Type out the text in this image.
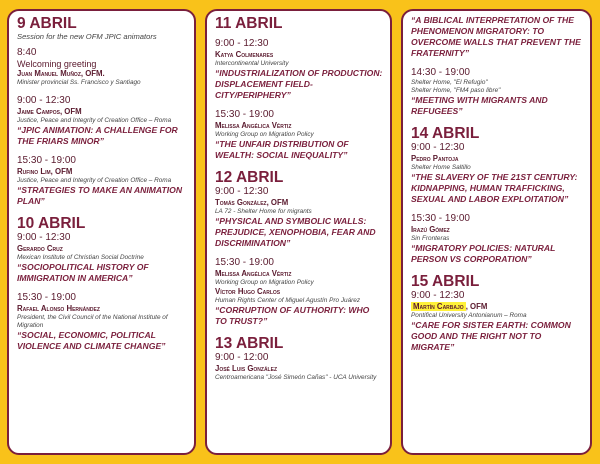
9 ABRIL
Session for the new OFM JPIC animators
8:40
Welcoming greeting
Juan Manuel Muñoz, OFM.
Minister provincial Ss. Francisco y Santiago
9:00 - 12:30
Jaime Campos, OFM
Justice, Peace and Integrity of Creation Office – Roma
“JPIC ANIMATION: A CHALLENGE FOR THE FRIARS MINOR”
15:30 - 19:00
Rufino Lim, OFM
Justice, Peace and Integrity of Creation Office – Roma
“STRATEGIES TO MAKE AN ANIMATION PLAN”
10 ABRIL
9:00 - 12:30
Gerardo Cruz
Mexican Institute of Christian Social Doctrine
“SOCIOPOLITICAL HISTORY OF IMMIGRATION IN AMERICA”
15:30 - 19:00
Rafael Alonso Hernández
President, the Civil Council of the National Institute of Migration
“SOCIAL, ECONOMIC, POLITICAL VIOLENCE AND CLIMATE CHANGE”
11 ABRIL
9:00 - 12:30
Katya Colmenares
Intercontinental University
“INDUSTRIALIZATION OF PRODUCTION: DISPLACEMENT FIELD-CITY/PERIPHERY”
15:30 - 19:00
Melissa Angélica Vértiz
Working Group on Migration Policy
“THE UNFAIR DISTRIBUTION OF WEALTH: SOCIAL INEQUALITY”
12 ABRIL
9:00 - 12:30
Tomás González, OFM
LA 72 - Shelter Home for migrants
“PHYSICAL AND SYMBOLIC WALLS: PREJUDICE, XENOPHOBIA, FEAR AND DISCRIMINATION”
15:30 - 19:00
Melissa Angélica Vértiz
Working Group on Migration Policy
Víctor Hugo Carlos
Human Rights Center of Miguel Agustín Pro Juárez
“CORRUPTION OF AUTHORITY: WHO TO TRUST?”
13 ABRIL
9:00 - 12:00
José Luis González
Centroamericana "José Simeón Cañas" - UCA University
“A BIBLICAL INTERPRETATION OF THE PHENOMENON MIGRATORY: TO OVERCOME WALLS THAT PREVENT THE FRATERNITY”
14:30 - 19:00
Shelter Home, "El Refugio"
Shelter Home, "FM4 paso libre"
“MEETING WITH MIGRANTS AND REFUGEES”
14 ABRIL
9:00 - 12:30
Pedro Pantoja
Shelter Home Saltillo
“THE SLAVERY OF THE 21ST CENTURY: KIDNAPPING, HUMAN TRAFFICKING, SEXUAL AND LABOR EXPLOITATION”
15:30 - 19:00
Irazú Gómez
Sin Fronteras
“MIGRATORY POLICIES: NATURAL PERSON VS CORPORATION”
15 ABRIL
9:00 - 12:30
Martín Carbajo , OFM
Pontifical University Antonianum – Roma
“CARE FOR SISTER EARTH: COMMON GOOD AND THE RIGHT NOT TO MIGRATE”
